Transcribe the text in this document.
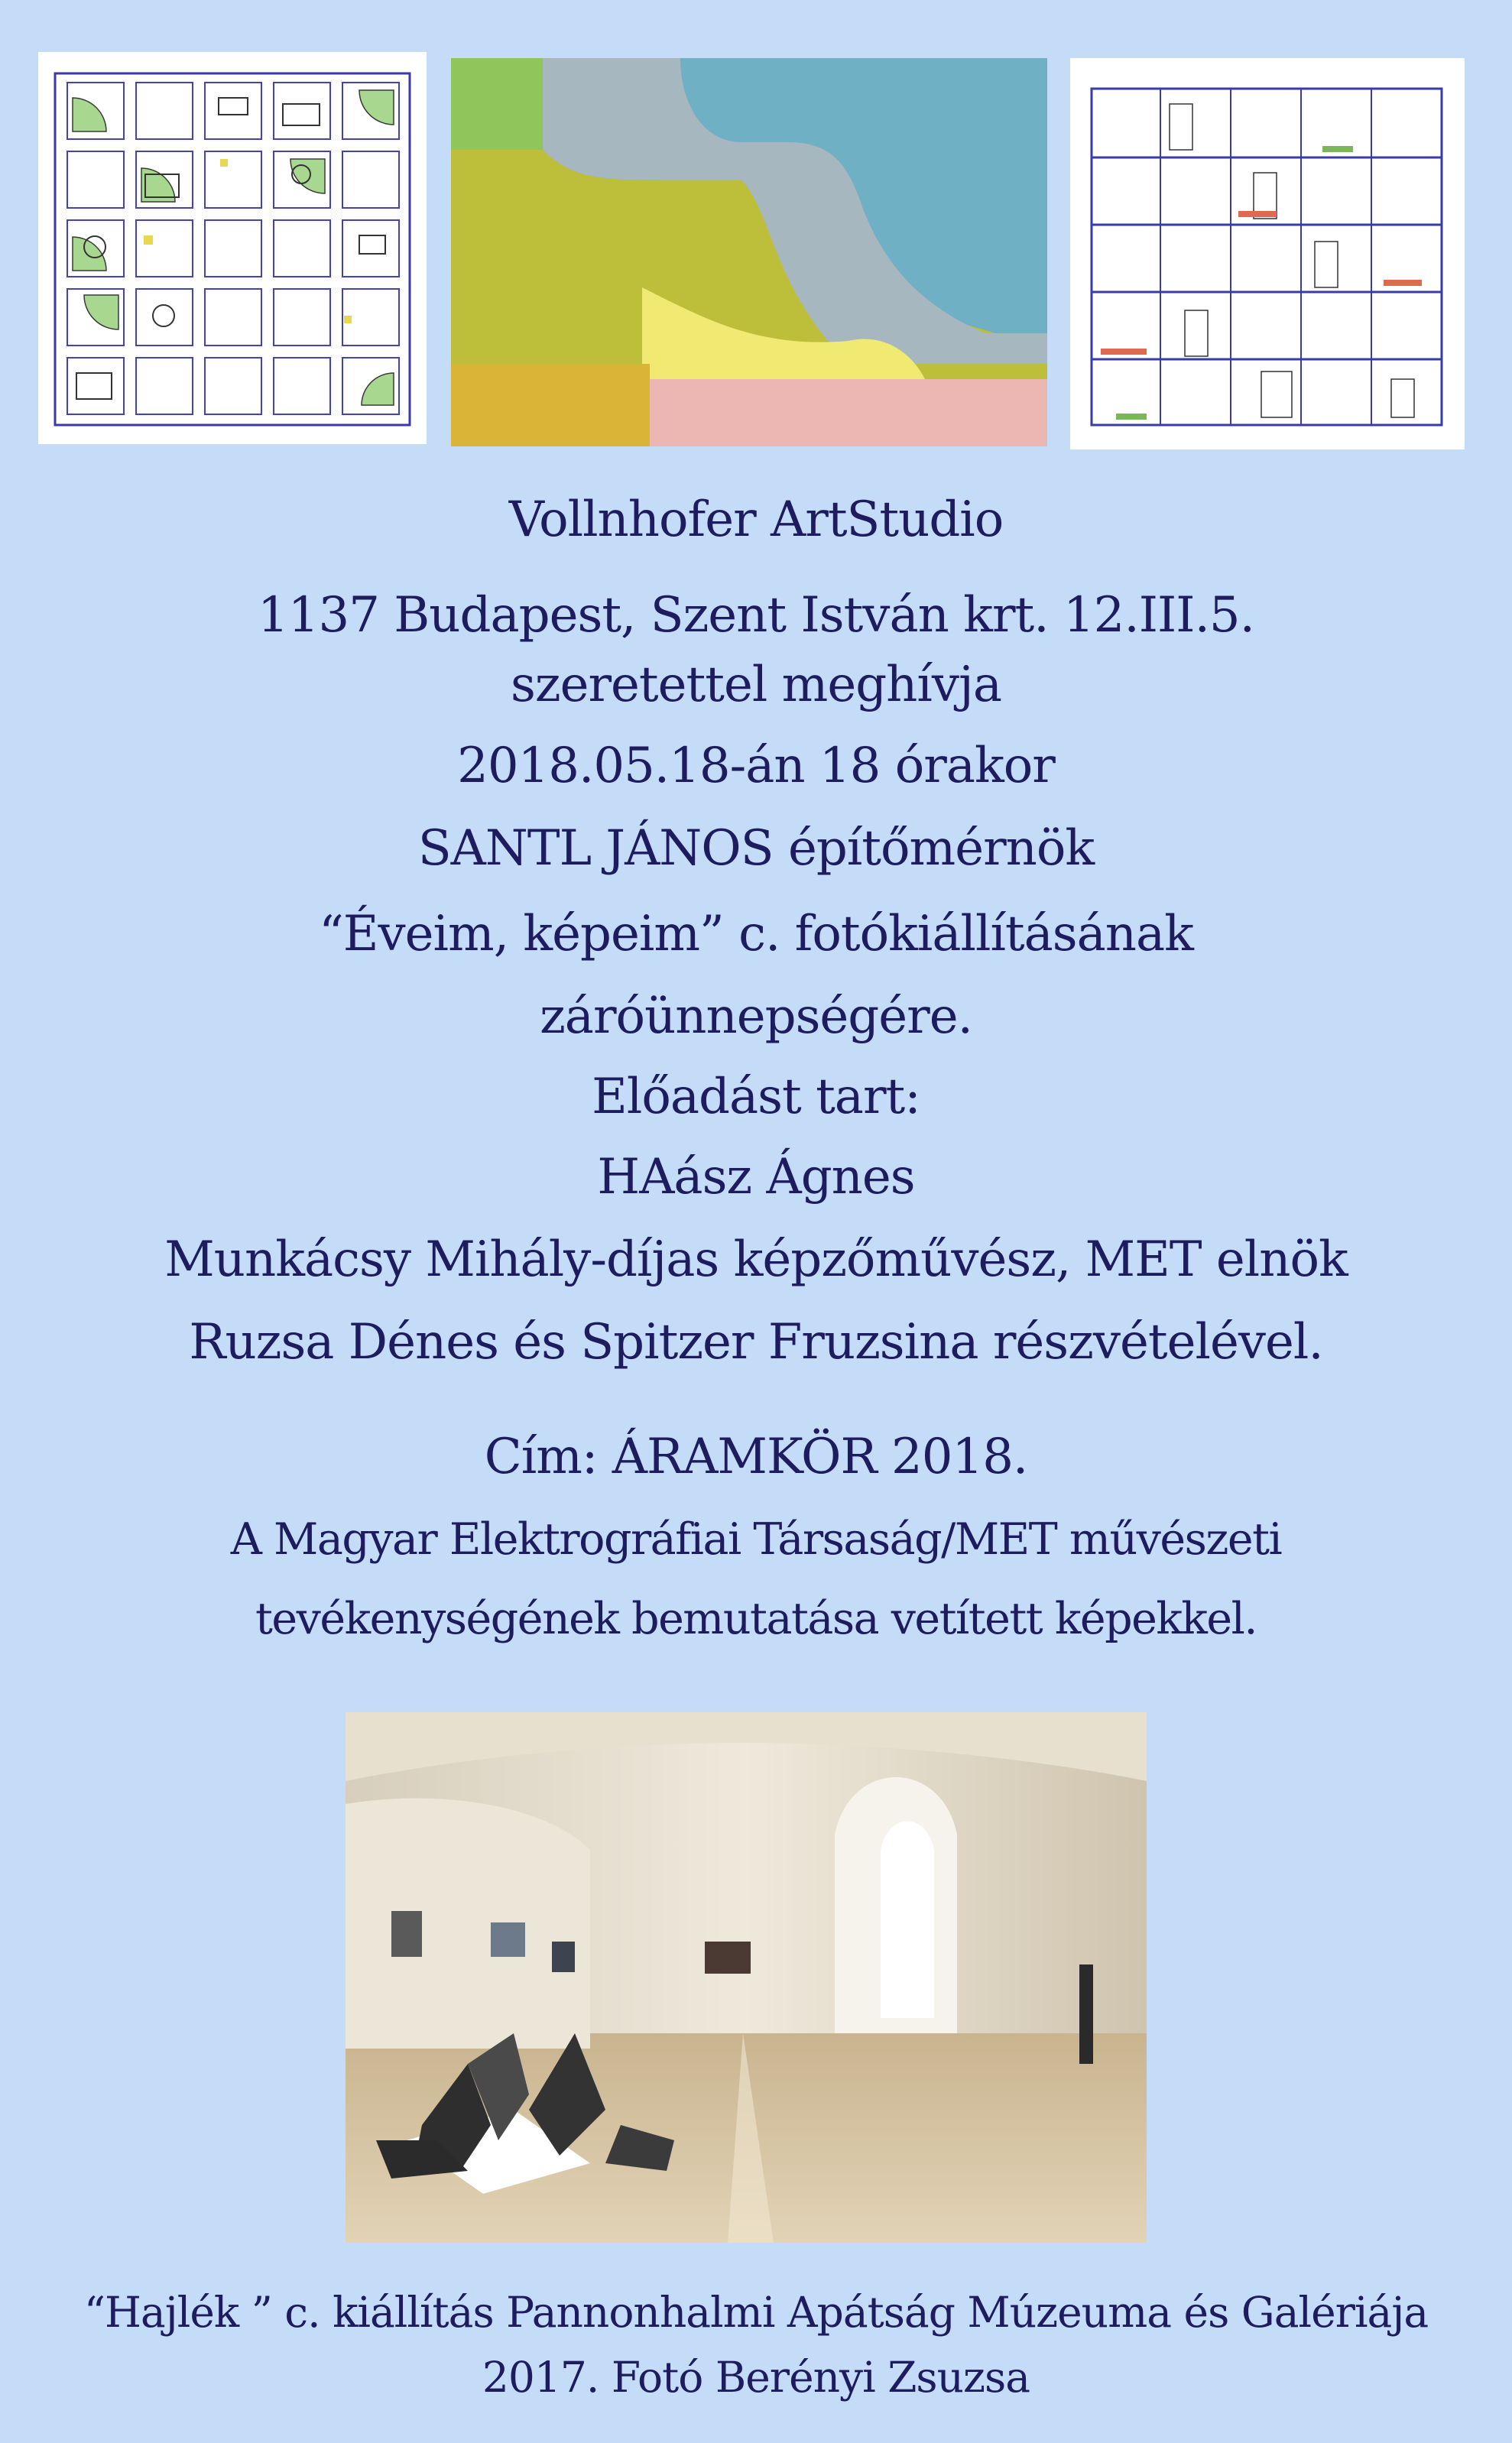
Vollnhofer ArtStudio
1137 Budapest, Szent István krt. 12.III.5.
szeretettel meghívja
2018.05.18-án 18 órakor
SANTL JÁNOS építőmérnök
“Éveim, képeim” c. fotókiállításának
záróünnepségére.
Előadást tart:
HAász Ágnes
Munkácsy Mihály-díjas képzőművész, MET elnök
Ruzsa Dénes és Spitzer Fruzsina részvételével.
Cím: ÁRAMKÖR 2018.
A Magyar Elektrográfiai Társaság/MET művészeti
tevékenységének bemutatása vetített képekkel.
“Hajlék ” c. kiállítás Pannonhalmi Apátság Múzeuma és Galériája
2017. Fotó Berényi Zsuzsa
